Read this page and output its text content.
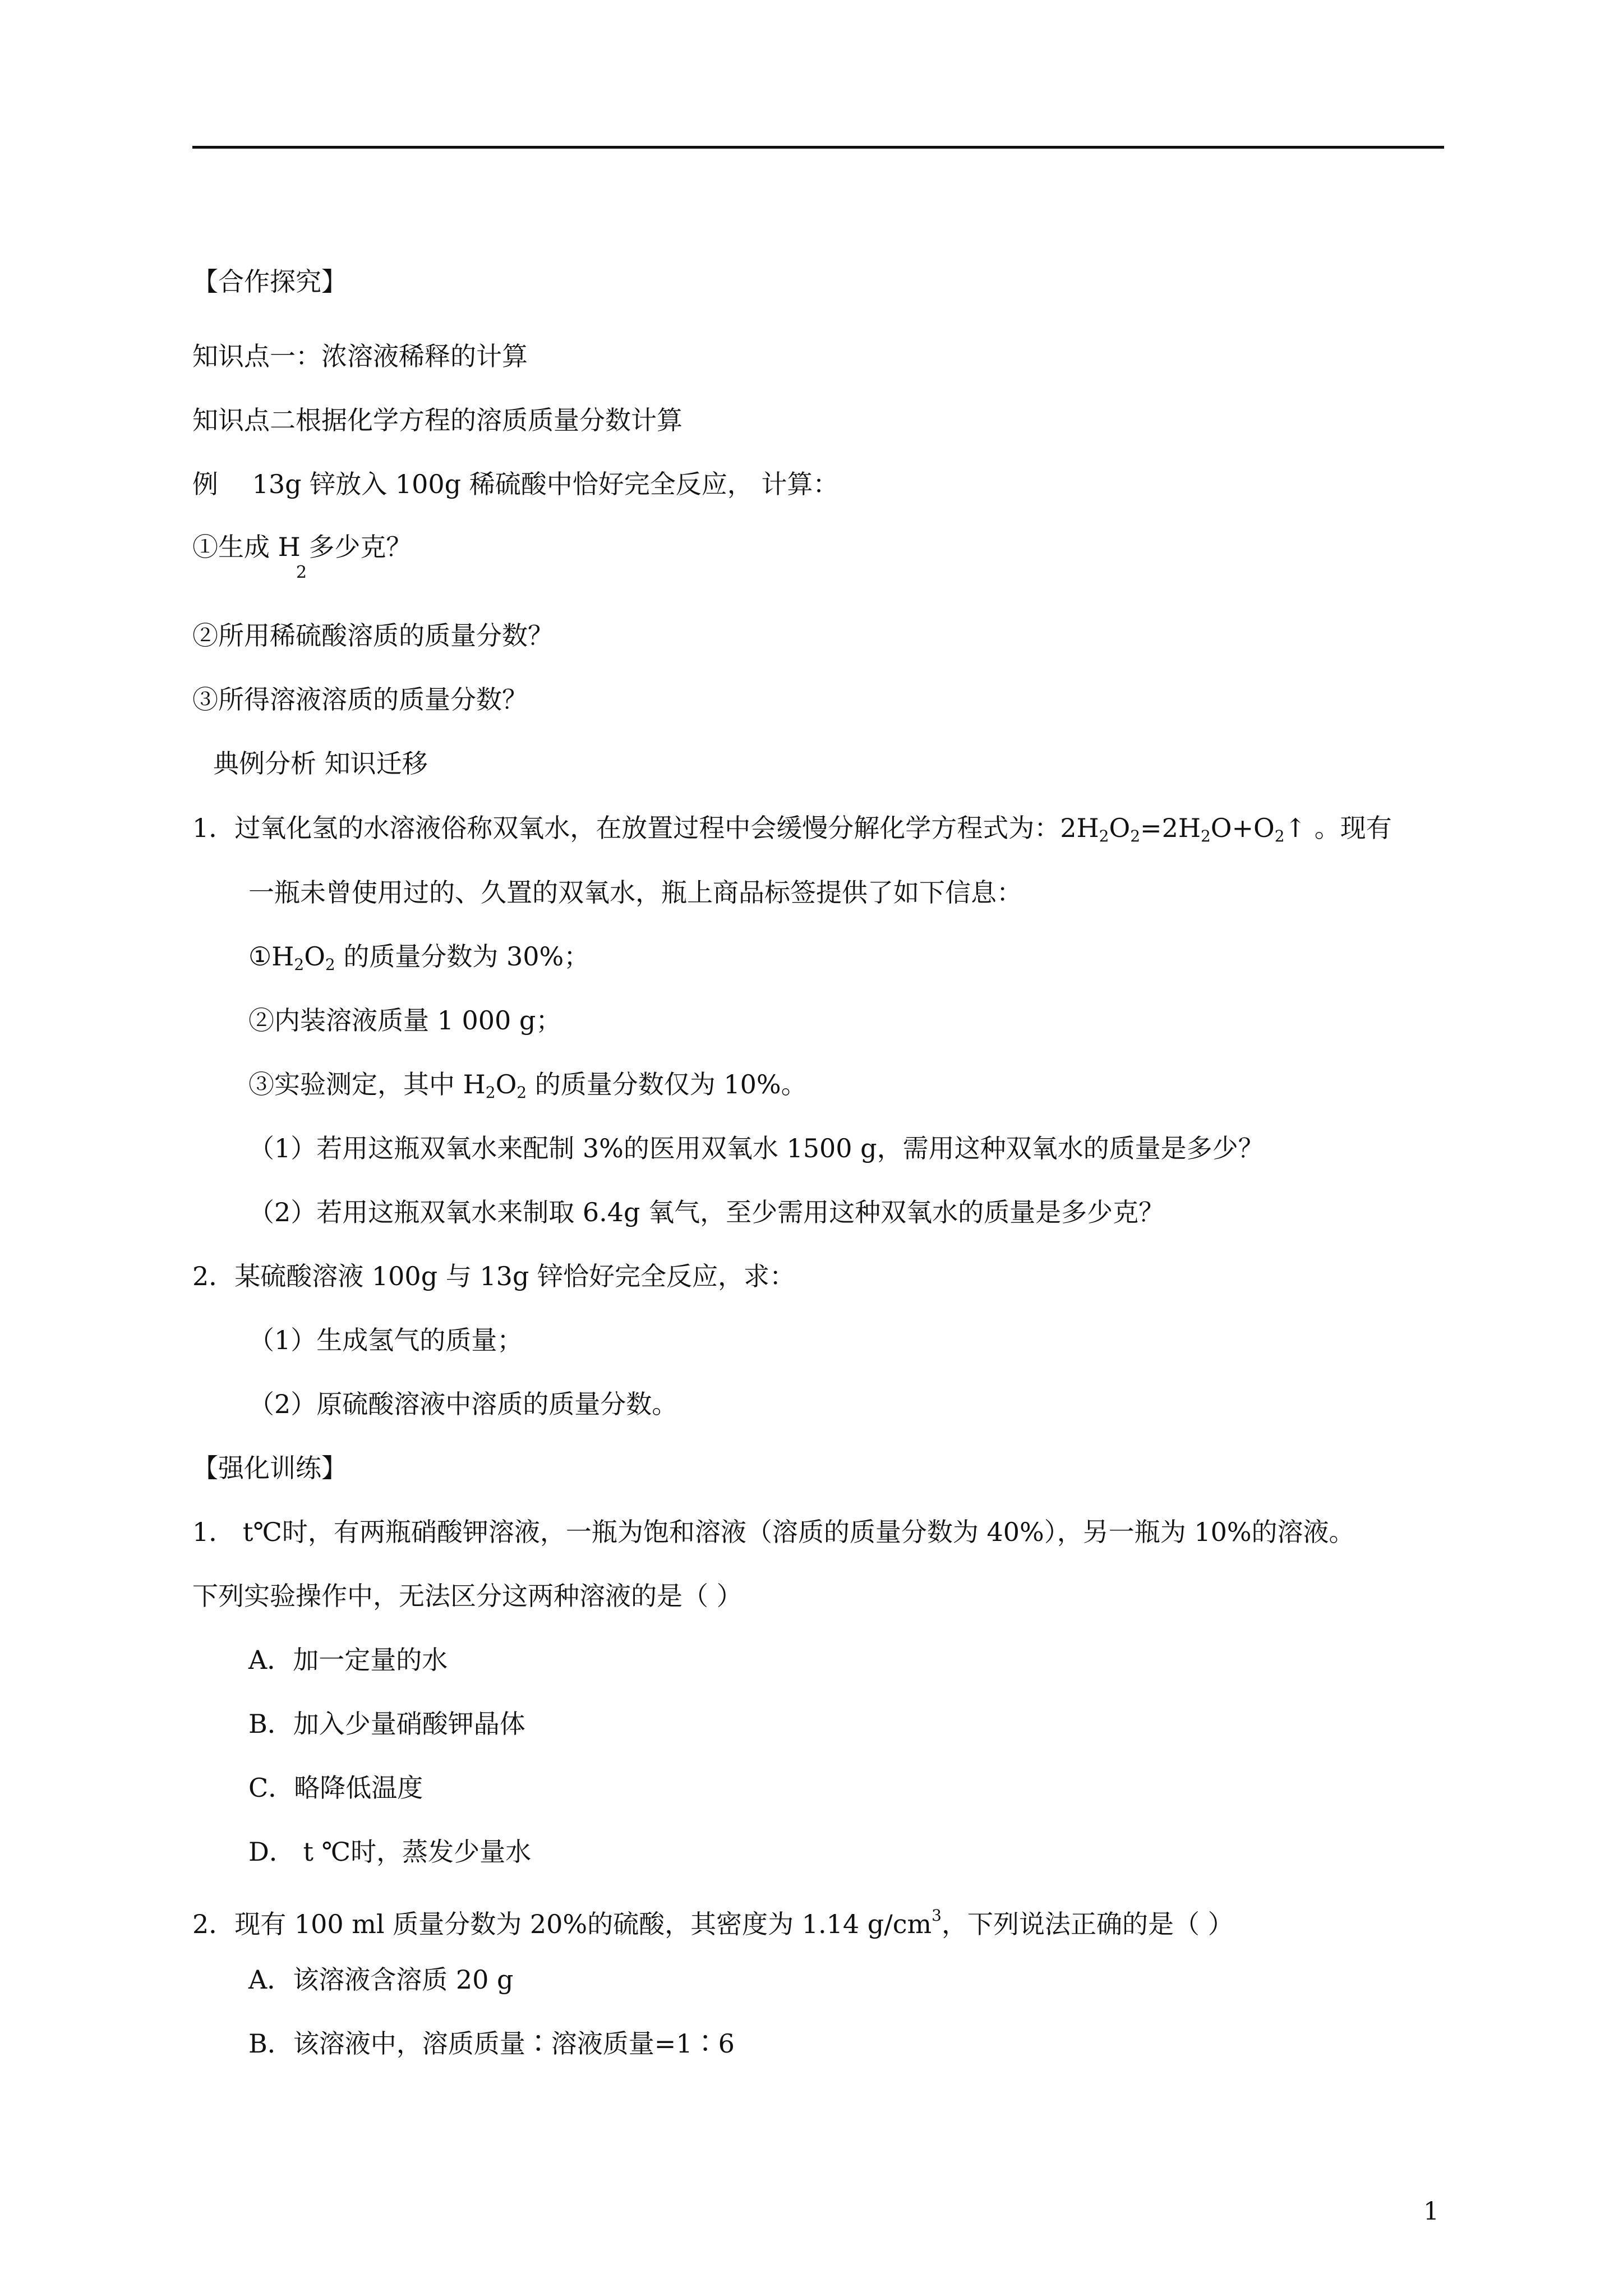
【合作探究】
知识点一：浓溶液稀释的计算
知识点二根据化学方程的溶质质量分数计算
例　 13g 锌放入 100g 稀硫酸中恰好完全反应， 计算：
①生成 H 多少克？
2
②所用稀硫酸溶质的质量分数？
③所得溶液溶质的质量分数？
典例分析 知识迁移
1．过氧化氢的水溶液俗称双氧水，在放置过程中会缓慢分解化学方程式为：$2H_2O_2=2H_2O+O_2↑$ 。现有
一瓶未曾使用过的、久置的双氧水，瓶上商品标签提供了如下信息：
$①H_2O_2$ 的质量分数为 30%；
②内装溶液质量 1 000 g；
③实验测定，其中 $H_2O_2$ 的质量分数仅为 10%。
（1）若用这瓶双氧水来配制 3%的医用双氧水 1500 g，需用这种双氧水的质量是多少？
（2）若用这瓶双氧水来制取 6.4g 氧气，至少需用这种双氧水的质量是多少克？
2．某硫酸溶液 100g 与 13g 锌恰好完全反应，求：
（1）生成氢气的质量；
（2）原硫酸溶液中溶质的质量分数。
【强化训练】
1． t℃时，有两瓶硝酸钾溶液，一瓶为饱和溶液（溶质的质量分数为 40%），另一瓶为 10%的溶液。
下列实验操作中，无法区分这两种溶液的是（ ）
A．加一定量的水
B．加入少量硝酸钾晶体
C．略降低温度
D． t ℃时，蒸发少量水
2．现有 100 ml 质量分数为 20%的硫酸，其密度为 1.14 $g/cm^3$，下列说法正确的是（ ）
A．该溶液含溶质 20 g
B．该溶液中，溶质质量∶溶液质量=1∶6
1
